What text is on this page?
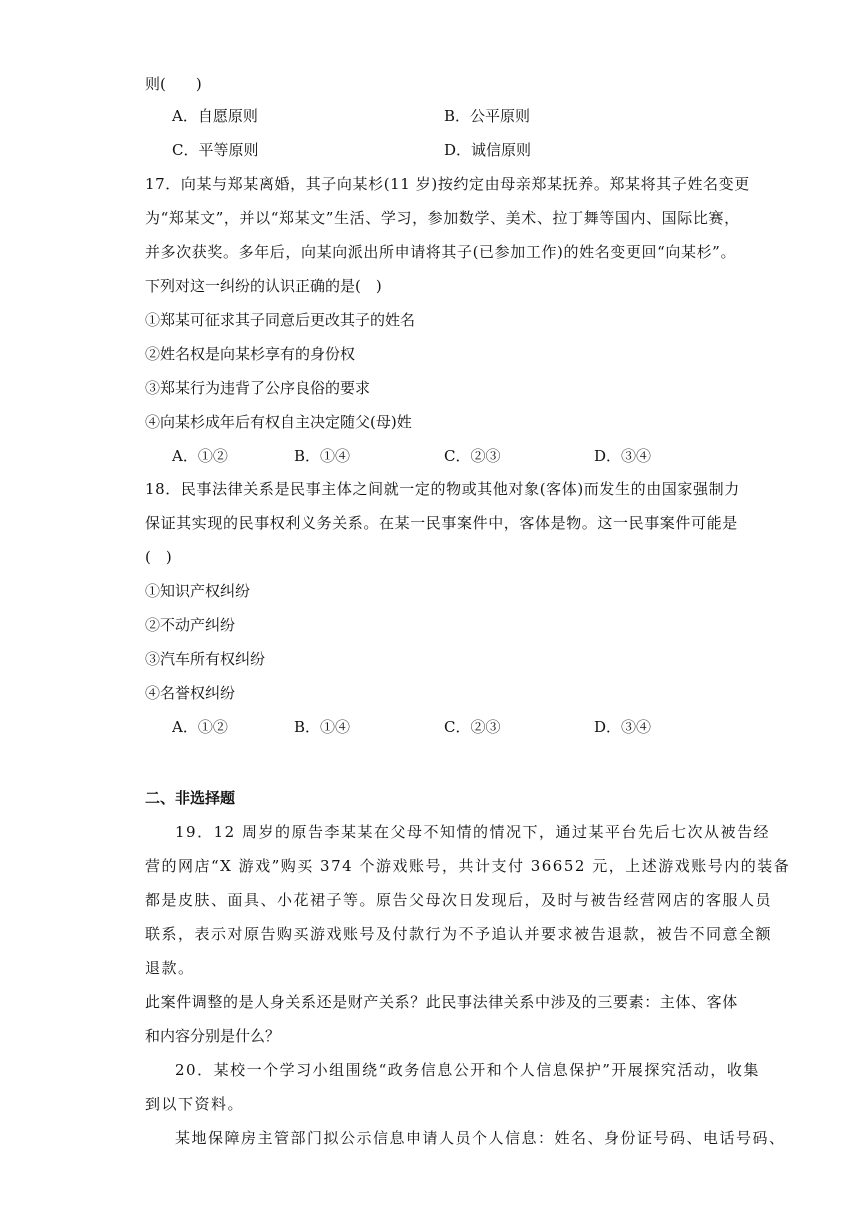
则(　　)
A．自愿原则	B．公平原则
C．平等原则	D．诚信原则
17．向某与郑某离婚，其子向某杉(11 岁)按约定由母亲郑某抚养。郑某将其子姓名变更
为“郑某文”，并以“郑某文”生活、学习，参加数学、美术、拉丁舞等国内、国际比赛，
并多次获奖。多年后，向某向派出所申请将其子(已参加工作)的姓名变更回“向某杉”。
下列对这一纠纷的认识正确的是(　)
①郑某可征求其子同意后更改其子的姓名
②姓名权是向某杉享有的身份权
③郑某行为违背了公序良俗的要求
④向某杉成年后有权自主决定随父(母)姓
A．①②	B．①④	C．②③	D．③④
18．民事法律关系是民事主体之间就一定的物或其他对象(客体)而发生的由国家强制力
保证其实现的民事权利义务关系。在某一民事案件中，客体是物。这一民事案件可能是
(　)
①知识产权纠纷
②不动产纠纷
③汽车所有权纠纷
④名誉权纠纷
A．①②	B．①④	C．②③	D．③④
二、非选择题
19．12 周岁的原告李某某在父母不知情的情况下，通过某平台先后七次从被告经
营的网店“X 游戏”购买 374 个游戏账号，共计支付 36652 元，上述游戏账号内的装备
都是皮肤、面具、小花裙子等。原告父母次日发现后，及时与被告经营网店的客服人员
联系，表示对原告购买游戏账号及付款行为不予追认并要求被告退款，被告不同意全额
退款。
此案件调整的是人身关系还是财产关系？此民事法律关系中涉及的三要素：主体、客体
和内容分别是什么？
20．某校一个学习小组围绕“政务信息公开和个人信息保护”开展探究活动，收集
到以下资料。
某地保障房主管部门拟公示信息申请人员个人信息：姓名、身份证号码、电话号码、
